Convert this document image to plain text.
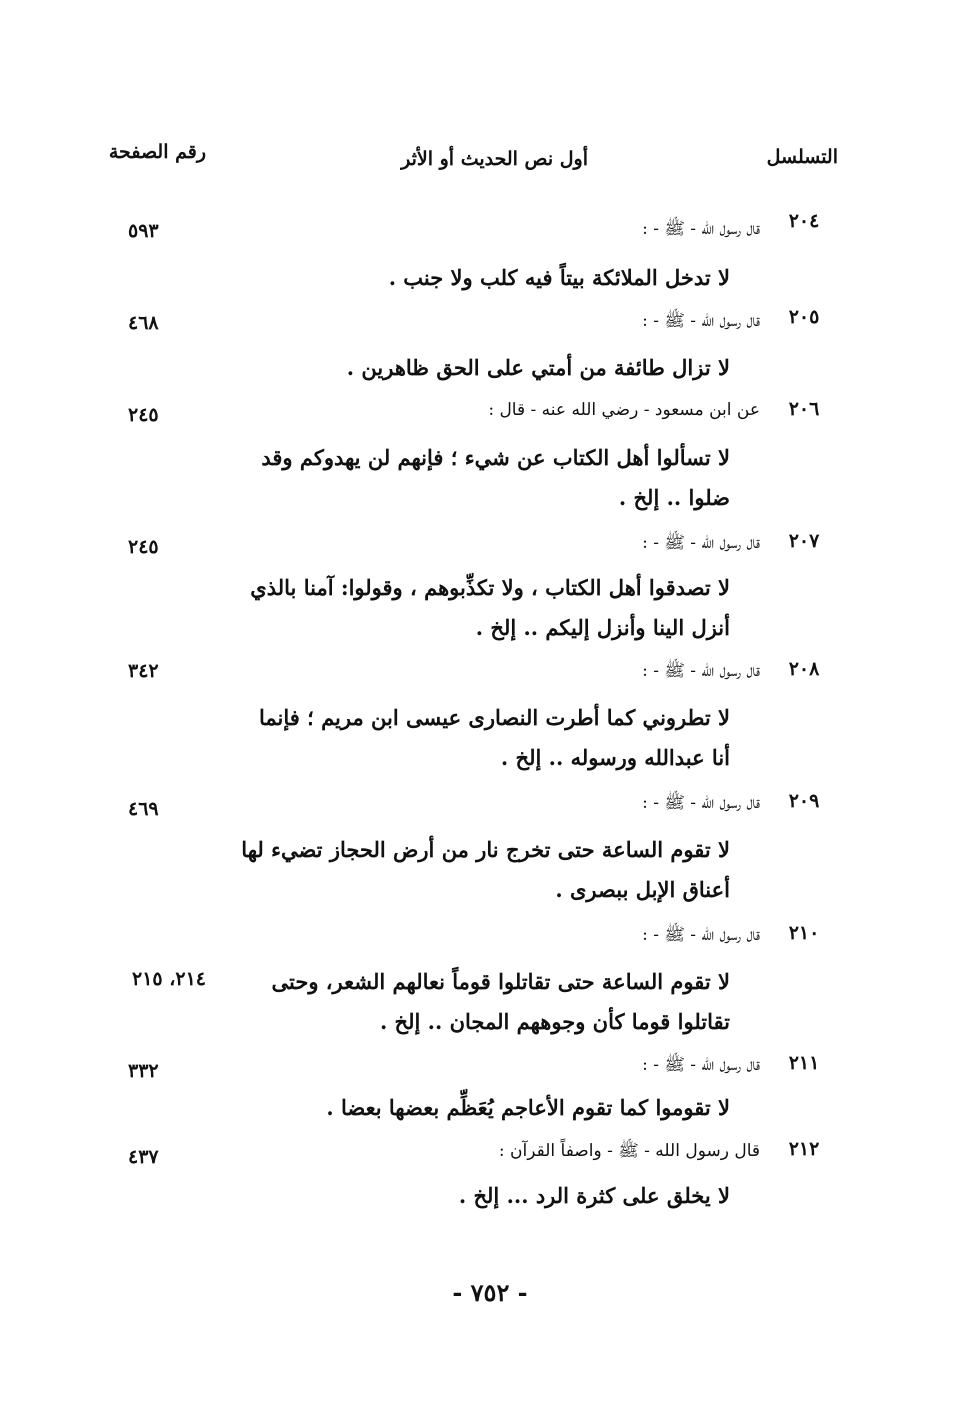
التسلسل
أول نص الحديث أو الأثر
رقم الصفحة
٢٠٤
قال رسول الله - ﷺ - :
٥٩٣
لا تدخل الملائكة بيتاً فيه كلب ولا جنب .
٢٠٥
قال رسول الله - ﷺ - :
٤٦٨
لا تزال طائفة من أمتي على الحق ظاهرين .
٢٠٦
عن ابن مسعود - رضي الله عنه - قال :
٢٤٥
لا تسألوا أهل الكتاب عن شيء ؛ فإنهم لن يهدوكم وقد ضلوا .. إلخ .
٢٠٧
قال رسول الله - ﷺ - :
٢٤٥
لا تصدقوا أهل الكتاب ، ولا تكذِّبوهم ، وقولوا: آمنا بالذي أنزل الينا وأنزل إليكم .. إلخ .
٢٠٨
قال رسول الله - ﷺ - :
٣٤٢
لا تطروني كما أطرت النصارى عيسى ابن مريم ؛ فإنما أنا عبدالله ورسوله .. إلخ .
٢٠٩
قال رسول الله - ﷺ - :
٤٦٩
لا تقوم الساعة حتى تخرج نار من أرض الحجاز تضيء لها أعناق الإبل ببصرى .
٢١٠
قال رسول الله - ﷺ - :
٢١٤، ٢١٥	لا تقوم الساعة حتى تقاتلوا قوماً نعالهم الشعر، وحتى تقاتلوا قوما كأن وجوههم المجان .. إلخ .
٢١١
قال رسول الله - ﷺ - :
٣٣٢
لا تقوموا كما تقوم الأعاجم يُعَظِّم بعضها بعضا .
٢١٢
قال رسول الله - ﷺ - واصفاً القرآن :
٤٣٧
لا يخلق على كثرة الرد ... إلخ .
- ٧٥٢ -
